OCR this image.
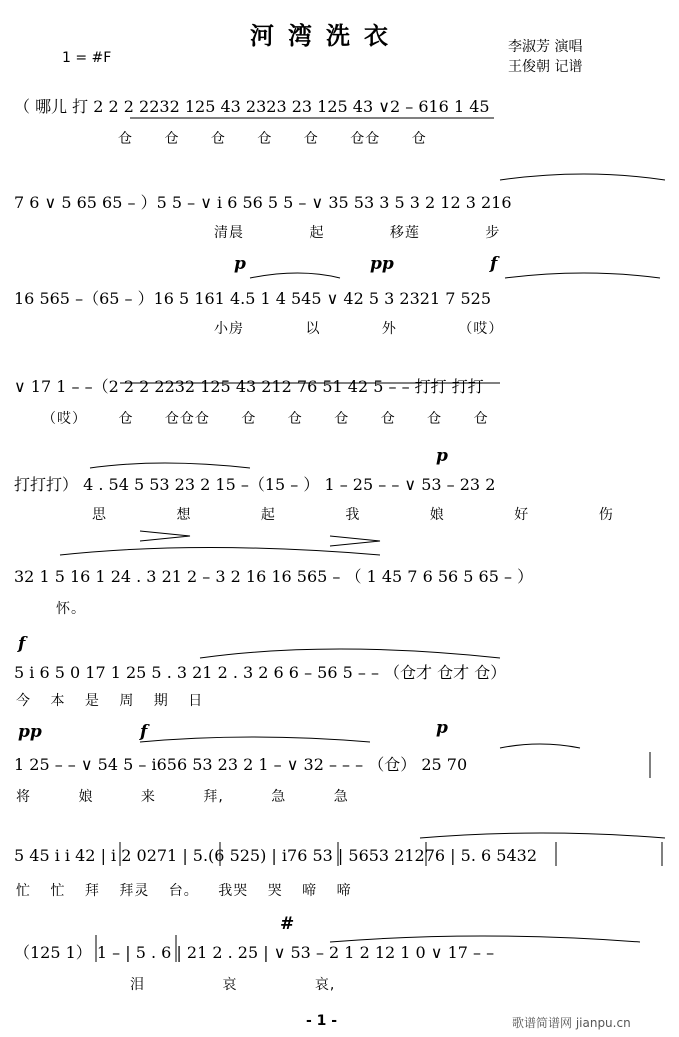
河湾洗衣	李淑芳 演唱
王俊朝 记谱
1 = #F
p	pp	f
p
f
pp	f	p
#
（ 哪儿 打 2 2 2 2232 125 43 2323 23 125 43 ∨2 – 616 1 45
仓 仓 仓 仓 仓 仓仓 仓
7 6 ∨ 5 65 65 – ）5 5 – ∨ i 6 56 5 5 – ∨ 35 53 3 5 3 2 12 3 216
清晨 起 移莲 步
16 565 –（65 – ）16 5 161 4.5 1 4 545 ∨ 42 5 3 2321 7 525
小房 以 外 （哎）
∨ 17 1 – –（2 2 2 2232 125 43 212 76 51 42 5 – – 打打 打打
（哎） 仓 仓仓仓 仓 仓 仓 仓 仓 仓
打打打） 4 . 54 5 53 23 2 15 –（15 – ） 1 – 25 – – ∨ 53 – 23 2
思 想 起 我 娘 好 伤
32 1 5 16 1 24 . 3 21 2 – 3 2 16 16 565 – （ 1 45 7 6 56 5 65 – ）
怀。
5 i 6 5 0 17 1 25 5 . 3 21 2 . 3 2 6 6 – 56 5 – – （仓才 仓才 仓）
今 本 是 周 期 日
1 25 – – ∨ 54 5 – i656 53 23 2 1 – ∨ 32 – – – （仓） 25 70
将 娘 来 拜, 急 急
5 45 i i 42 | i 2 0271 | 5.(6 525) | i76 53 | 5653 21276 | 5. 6 5432
忙 忙 拜 拜灵 台。 我哭 哭 啼 啼
（125 1） 1 – | 5 . 6 | 21 2 . 25 | ∨ 53 – 2 1 2 12 1 0 ∨ 17 – –
泪 哀 哀,
- 1 -	歌谱简谱网 jianpu.cn
